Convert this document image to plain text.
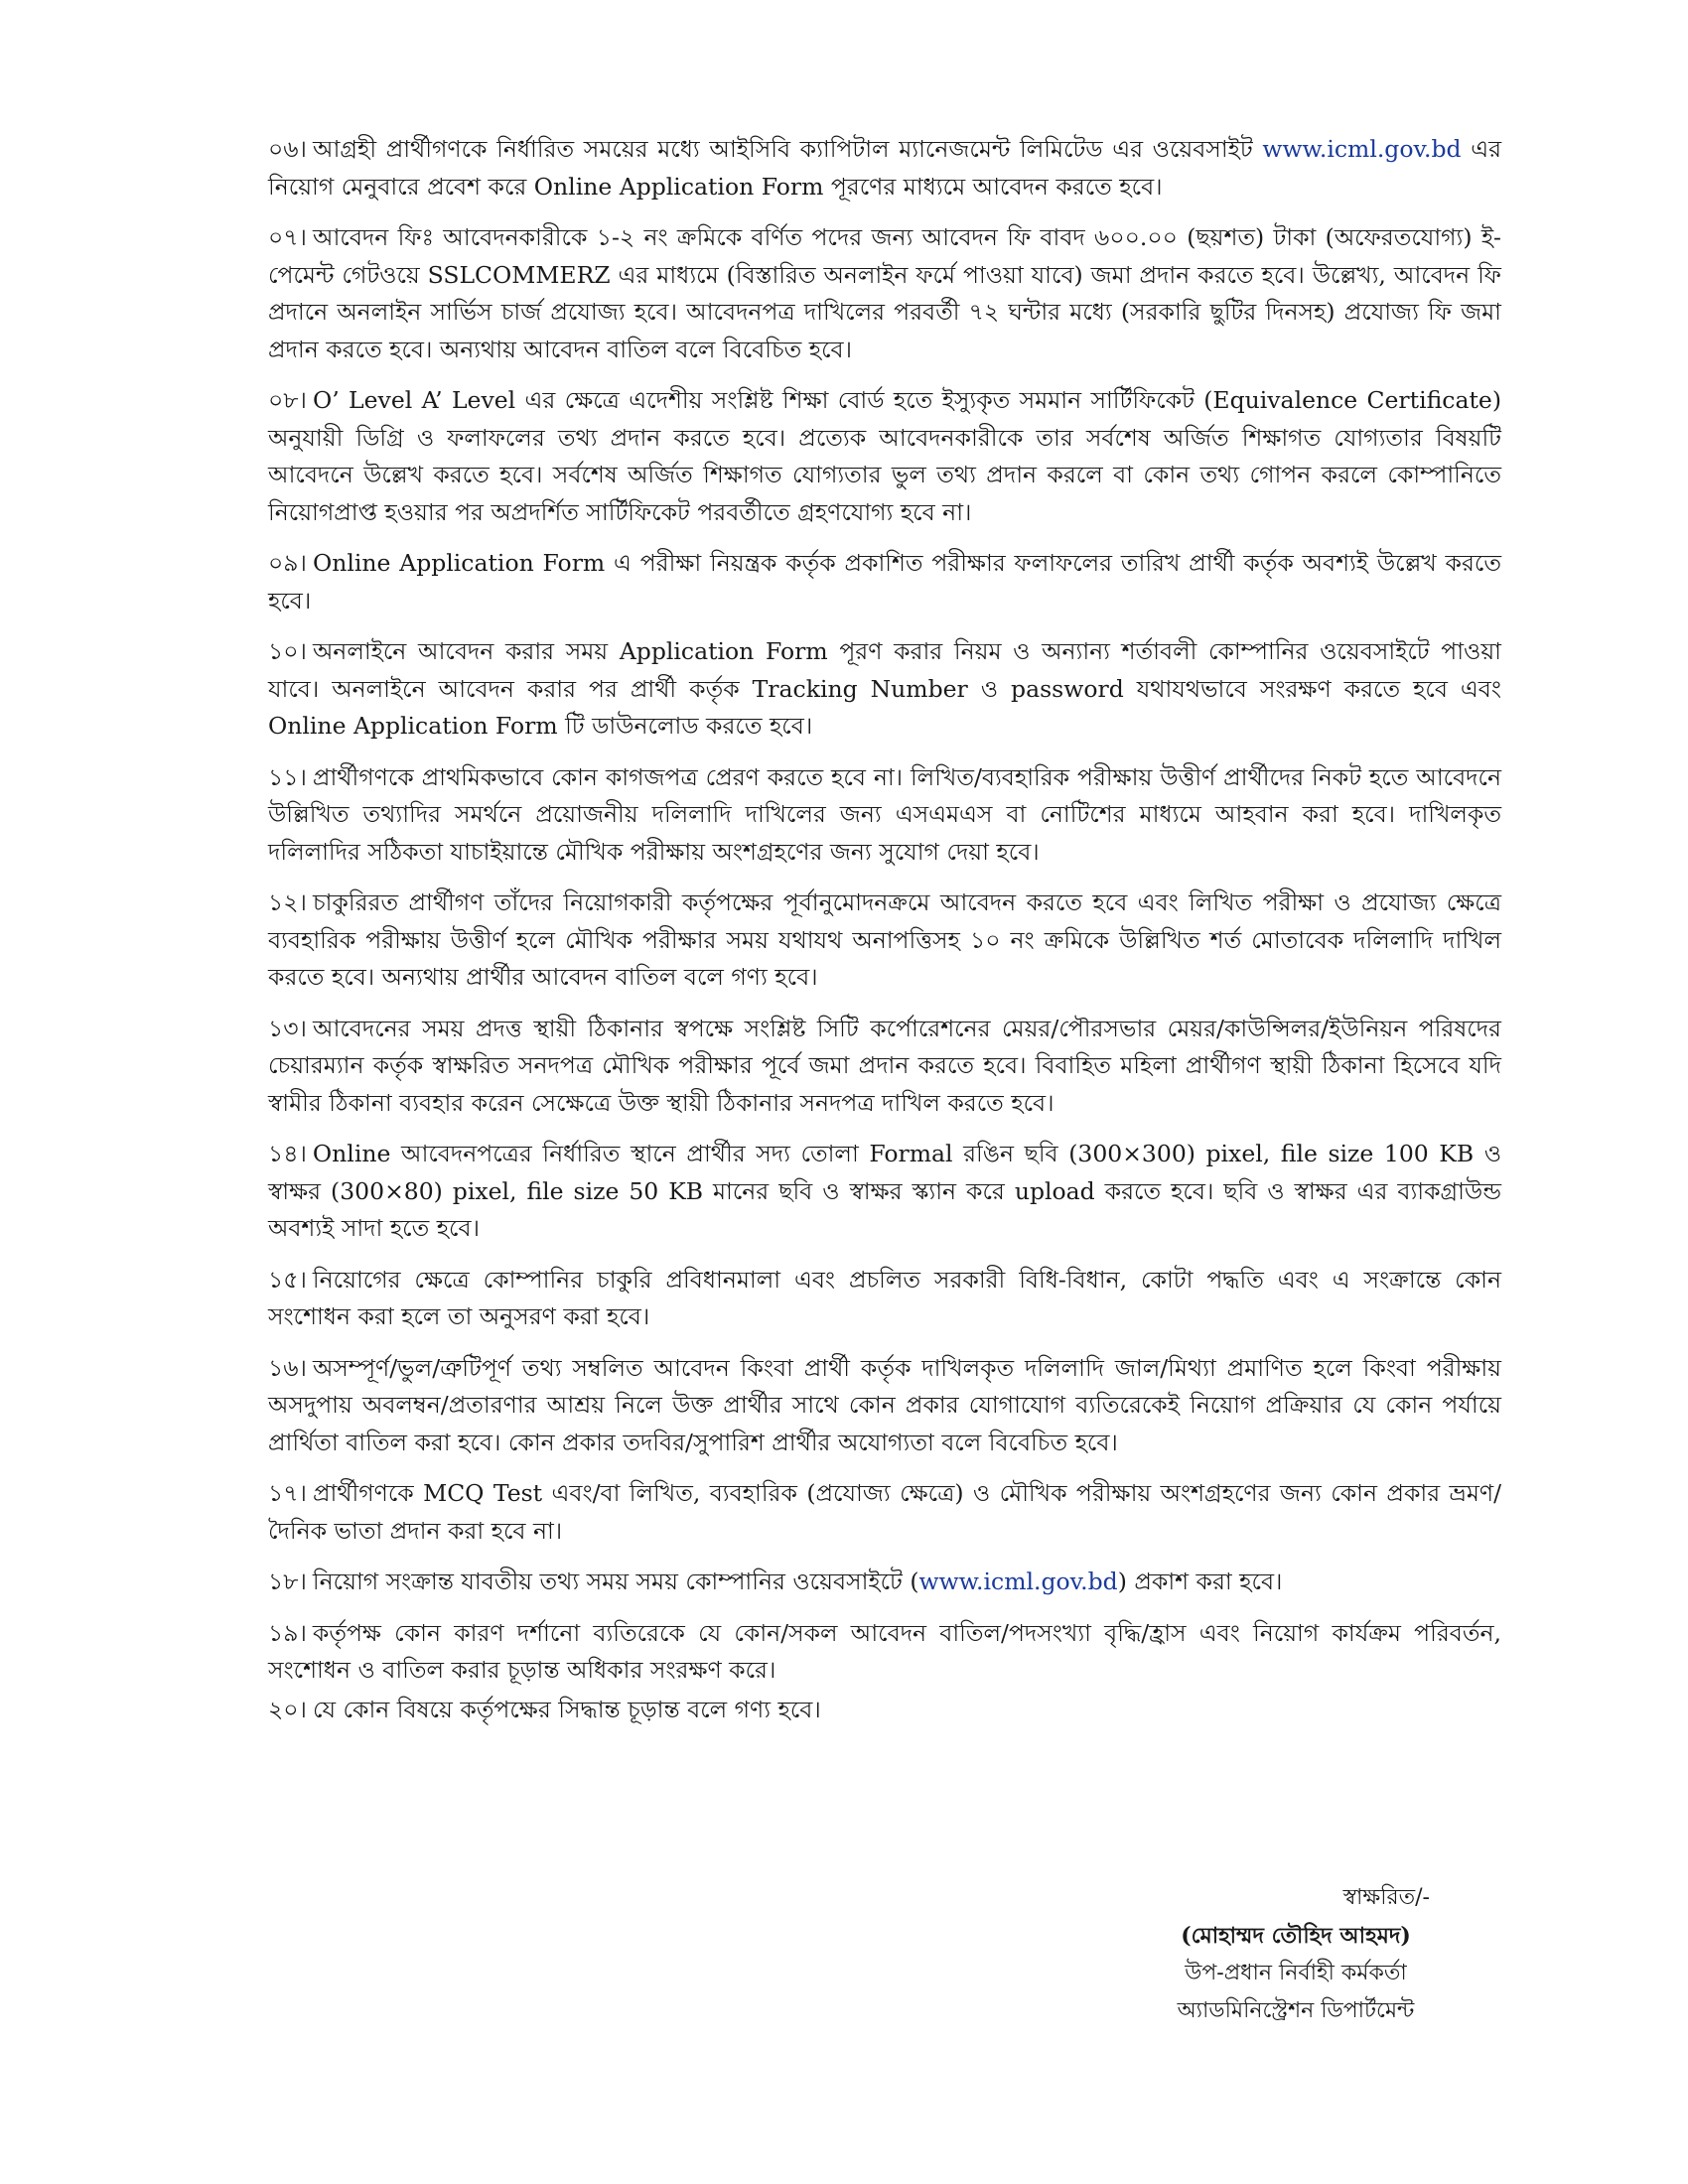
০৬। আগ্রহী প্রার্থীগণকে নির্ধারিত সময়ের মধ্যে আইসিবি ক্যাপিটাল ম্যানেজমেন্ট লিমিটেড এর ওয়েবসাইট www.icml.gov.bd এর নিয়োগ মেনুবারে প্রবেশ করে Online Application Form পূরণের মাধ্যমে আবেদন করতে হবে।

০৭। আবেদন ফিঃ আবেদনকারীকে ১-২ নং ক্রমিকে বর্ণিত পদের জন্য আবেদন ফি বাবদ ৬০০.০০ (ছয়শত) টাকা (অফেরতযোগ্য) ই-পেমেন্ট গেটওয়ে SSLCOMMERZ এর মাধ্যমে (বিস্তারিত অনলাইন ফর্মে পাওয়া যাবে) জমা প্রদান করতে হবে। উল্লেখ্য, আবেদন ফি প্রদানে অনলাইন সার্ভিস চার্জ প্রযোজ্য হবে। আবেদনপত্র দাখিলের পরবর্তী ৭২ ঘন্টার মধ্যে (সরকারি ছুটির দিনসহ) প্রযোজ্য ফি জমা প্রদান করতে হবে। অন্যথায় আবেদন বাতিল বলে বিবেচিত হবে।

০৮। O’ Level A’ Level এর ক্ষেত্রে এদেশীয় সংশ্লিষ্ট শিক্ষা বোর্ড হতে ইস্যুকৃত সমমান সার্টিফিকেট (Equivalence Certificate) অনুযায়ী ডিগ্রি ও ফলাফলের তথ্য প্রদান করতে হবে। প্রত্যেক আবেদনকারীকে তার সর্বশেষ অর্জিত শিক্ষাগত যোগ্যতার বিষয়টি আবেদনে উল্লেখ করতে হবে। সর্বশেষ অর্জিত শিক্ষাগত যোগ্যতার ভুল তথ্য প্রদান করলে বা কোন তথ্য গোপন করলে কোম্পানিতে নিয়োগপ্রাপ্ত হওয়ার পর অপ্রদর্শিত সার্টিফিকেট পরবর্তীতে গ্রহণযোগ্য হবে না।

০৯। Online Application Form এ পরীক্ষা নিয়ন্ত্রক কর্তৃক প্রকাশিত পরীক্ষার ফলাফলের তারিখ প্রার্থী কর্তৃক অবশ্যই উল্লেখ করতে হবে।

১০। অনলাইনে আবেদন করার সময় Application Form পূরণ করার নিয়ম ও অন্যান্য শর্তাবলী কোম্পানির ওয়েবসাইটে পাওয়া যাবে। অনলাইনে আবেদন করার পর প্রার্থী কর্তৃক Tracking Number ও password যথাযথভাবে সংরক্ষণ করতে হবে এবং Online Application Form টি ডাউনলোড করতে হবে।

১১। প্রার্থীগণকে প্রাথমিকভাবে কোন কাগজপত্র প্রেরণ করতে হবে না। লিখিত/ব্যবহারিক পরীক্ষায় উত্তীর্ণ প্রার্থীদের নিকট হতে আবেদনে উল্লিখিত তথ্যাদির সমর্থনে প্রয়োজনীয় দলিলাদি দাখিলের জন্য এসএমএস বা নোটিশের মাধ্যমে আহবান করা হবে। দাখিলকৃত দলিলাদির সঠিকতা যাচাইয়ান্তে মৌখিক পরীক্ষায় অংশগ্রহণের জন্য সুযোগ দেয়া হবে।

১২। চাকুরিরত প্রার্থীগণ তাঁদের নিয়োগকারী কর্তৃপক্ষের পূর্বানুমোদনক্রমে আবেদন করতে হবে এবং লিখিত পরীক্ষা ও প্রযোজ্য ক্ষেত্রে ব্যবহারিক পরীক্ষায় উত্তীর্ণ হলে মৌখিক পরীক্ষার সময় যথাযথ অনাপত্তিসহ ১০ নং ক্রমিকে উল্লিখিত শর্ত মোতাবেক দলিলাদি দাখিল করতে হবে। অন্যথায় প্রার্থীর আবেদন বাতিল বলে গণ্য হবে।

১৩। আবেদনের সময় প্রদত্ত স্থায়ী ঠিকানার স্বপক্ষে সংশ্লিষ্ট সিটি কর্পোরেশনের মেয়র/পৌরসভার মেয়র/কাউন্সিলর/ইউনিয়ন পরিষদের চেয়ারম্যান কর্তৃক স্বাক্ষরিত সনদপত্র মৌখিক পরীক্ষার পূর্বে জমা প্রদান করতে হবে। বিবাহিত মহিলা প্রার্থীগণ স্থায়ী ঠিকানা হিসেবে যদি স্বামীর ঠিকানা ব্যবহার করেন সেক্ষেত্রে উক্ত স্থায়ী ঠিকানার সনদপত্র দাখিল করতে হবে।

১৪। Online আবেদনপত্রের নির্ধারিত স্থানে প্রার্থীর সদ্য তোলা Formal রঙিন ছবি (300×300) pixel, file size 100 KB ও স্বাক্ষর (300×80) pixel, file size 50 KB মানের ছবি ও স্বাক্ষর স্ক্যান করে upload করতে হবে। ছবি ও স্বাক্ষর এর ব্যাকগ্রাউন্ড অবশ্যই সাদা হতে হবে।

১৫। নিয়োগের ক্ষেত্রে কোম্পানির চাকুরি প্রবিধানমালা এবং প্রচলিত সরকারী বিধি-বিধান, কোটা পদ্ধতি এবং এ সংক্রান্তে কোন সংশোধন করা হলে তা অনুসরণ করা হবে।

১৬। অসম্পূর্ণ/ভুল/ত্রুটিপূর্ণ তথ্য সম্বলিত আবেদন কিংবা প্রার্থী কর্তৃক দাখিলকৃত দলিলাদি জাল/মিথ্যা প্রমাণিত হলে কিংবা পরীক্ষায় অসদুপায় অবলম্বন/প্রতারণার আশ্রয় নিলে উক্ত প্রার্থীর সাথে কোন প্রকার যোগাযোগ ব্যতিরেকেই নিয়োগ প্রক্রিয়ার যে কোন পর্যায়ে প্রার্থিতা বাতিল করা হবে। কোন প্রকার তদবির/সুপারিশ প্রার্থীর অযোগ্যতা বলে বিবেচিত হবে।

১৭। প্রার্থীগণকে MCQ Test এবং/বা লিখিত, ব্যবহারিক (প্রযোজ্য ক্ষেত্রে) ও মৌখিক পরীক্ষায় অংশগ্রহণের জন্য কোন প্রকার ভ্রমণ/দৈনিক ভাতা প্রদান করা হবে না।

১৮। নিয়োগ সংক্রান্ত যাবতীয় তথ্য সময় সময় কোম্পানির ওয়েবসাইটে (www.icml.gov.bd) প্রকাশ করা হবে।

১৯। কর্তৃপক্ষ কোন কারণ দর্শানো ব্যতিরেকে যে কোন/সকল আবেদন বাতিল/পদসংখ্যা বৃদ্ধি/হ্রাস এবং নিয়োগ কার্যক্রম পরিবর্তন, সংশোধন ও বাতিল করার চূড়ান্ত অধিকার সংরক্ষণ করে।

২০। যে কোন বিষয়ে কর্তৃপক্ষের সিদ্ধান্ত চূড়ান্ত বলে গণ্য হবে।

স্বাক্ষরিত/-
(মোহাম্মদ তৌহিদ আহমদ)
উপ-প্রধান নির্বাহী কর্মকর্তা
অ্যাডমিনিস্ট্রেশন ডিপার্টমেন্ট
